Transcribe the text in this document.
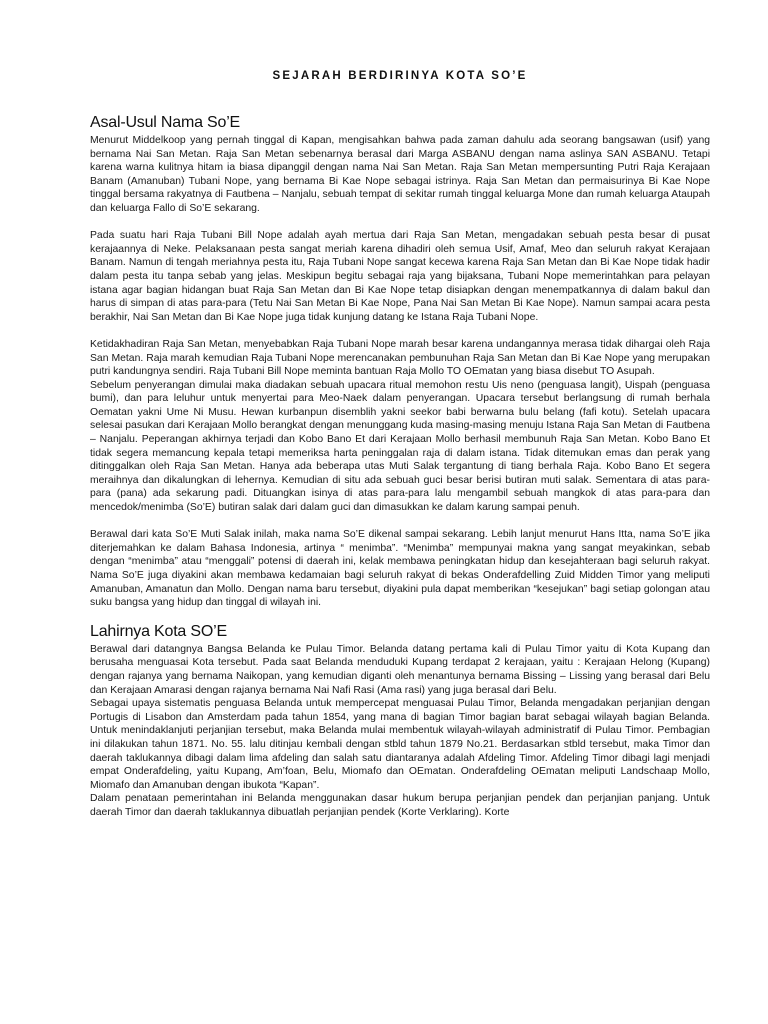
SEJARAH BERDIRINYA KOTA SO’E
Asal-Usul Nama So’E

Menurut Middelkoop yang pernah tinggal di Kapan, mengisahkan bahwa pada zaman dahulu ada seorang bangsawan (usif) yang bernama Nai San Metan. Raja San Metan sebenarnya berasal dari Marga ASBANU dengan nama aslinya SAN ASBANU. Tetapi karena warna kulitnya hitam ia biasa dipanggil dengan nama Nai San Metan. Raja San Metan mempersunting Putri Raja Kerajaan Banam (Amanuban) Tubani Nope, yang bernama Bi Kae Nope sebagai istrinya. Raja San Metan dan permaisurinya Bi Kae Nope tinggal bersama rakyatnya di Fautbena – Nanjalu, sebuah tempat di sekitar rumah tinggal keluarga Mone dan rumah keluarga Ataupah dan keluarga Fallo di So’E sekarang.

Pada suatu hari Raja Tubani Bill Nope adalah ayah mertua dari Raja San Metan, mengadakan sebuah pesta besar di pusat kerajaannya di Neke. Pelaksanaan pesta sangat meriah karena dihadiri oleh semua Usif, Amaf, Meo dan seluruh rakyat Kerajaan Banam. Namun di tengah meriahnya pesta itu, Raja Tubani Nope sangat kecewa karena Raja San Metan dan Bi Kae Nope tidak hadir dalam pesta itu tanpa sebab yang jelas. Meskipun begitu sebagai raja yang bijaksana, Tubani Nope memerintahkan para pelayan istana agar bagian hidangan buat Raja San Metan dan Bi Kae Nope tetap disiapkan dengan menempatkannya di dalam bakul dan harus di simpan di atas para-para (Tetu Nai San Metan Bi Kae Nope, Pana Nai San Metan Bi Kae Nope). Namun sampai acara pesta berakhir, Nai San Metan dan Bi Kae Nope juga tidak kunjung datang ke Istana Raja Tubani Nope.

Ketidakhadiran Raja San Metan, menyebabkan Raja Tubani Nope marah besar karena undangannya merasa tidak dihargai oleh Raja San Metan. Raja marah kemudian Raja Tubani Nope merencanakan pembunuhan Raja San Metan dan Bi Kae Nope yang merupakan putri kandungnya sendiri. Raja Tubani Bill Nope meminta bantuan Raja Mollo TO OEmatan yang biasa disebut TO Asupah.

Sebelum penyerangan dimulai maka diadakan sebuah upacara ritual memohon restu Uis neno (penguasa langit), Uispah (penguasa bumi), dan para leluhur untuk menyertai para Meo-Naek dalam penyerangan. Upacara tersebut berlangsung di rumah berhala Oematan yakni Ume Ni Musu. Hewan kurbanpun disemblih yakni seekor babi berwarna bulu belang (fafi kotu). Setelah upacara selesai pasukan dari Kerajaan Mollo berangkat dengan menunggang kuda masing-masing menuju Istana Raja San Metan di Fautbena – Nanjalu. Peperangan akhirnya terjadi dan Kobo Bano Et dari Kerajaan Mollo berhasil membunuh Raja San Metan. Kobo Bano Et tidak segera memancung kepala tetapi memeriksa harta peninggalan raja di dalam istana. Tidak ditemukan emas dan perak yang ditinggalkan oleh Raja San Metan. Hanya ada beberapa utas Muti Salak tergantung di tiang berhala Raja. Kobo Bano Et segera meraihnya dan dikalungkan di lehernya. Kemudian di situ ada sebuah guci besar berisi butiran muti salak. Sementara di atas para-para (pana) ada sekarung padi. Dituangkan isinya di atas para-para lalu mengambil sebuah mangkok di atas para-para dan mencedok/menimba (So’E) butiran salak dari dalam guci dan dimasukkan ke dalam karung sampai penuh.

Berawal dari kata So’E Muti Salak inilah, maka nama So’E dikenal sampai sekarang. Lebih lanjut menurut Hans Itta, nama So’E jika diterjemahkan ke dalam Bahasa Indonesia, artinya “ menimba”. “Menimba” mempunyai makna yang sangat meyakinkan, sebab dengan “menimba” atau “menggali” potensi di daerah ini, kelak membawa peningkatan hidup dan kesejahteraan bagi seluruh rakyat. Nama So’E juga diyakini akan membawa kedamaian bagi seluruh rakyat di bekas Onderafdelling Zuid Midden Timor yang meliputi Amanuban, Amanatun dan Mollo. Dengan nama baru tersebut, diyakini pula dapat memberikan “kesejukan” bagi setiap golongan atau suku bangsa yang hidup dan tinggal di wilayah ini.

Lahirnya Kota SO’E

Berawal dari datangnya Bangsa Belanda ke Pulau Timor. Belanda datang pertama kali di Pulau Timor yaitu di Kota Kupang dan berusaha menguasai Kota tersebut. Pada saat Belanda menduduki Kupang terdapat 2 kerajaan, yaitu : Kerajaan Helong (Kupang) dengan rajanya yang bernama Naikopan, yang kemudian diganti oleh menantunya bernama Bissing – Lissing yang berasal dari Belu dan Kerajaan Amarasi dengan rajanya bernama Nai Nafi Rasi (Ama rasi) yang juga berasal dari Belu.

Sebagai upaya sistematis penguasa Belanda untuk mempercepat menguasai Pulau Timor, Belanda mengadakan perjanjian dengan Portugis di Lisabon dan Amsterdam pada tahun 1854, yang mana di bagian Timor bagian barat sebagai wilayah bagian Belanda. Untuk menindaklanjuti perjanjian tersebut, maka Belanda mulai membentuk wilayah-wilayah administratif di Pulau Timor. Pembagian ini dilakukan tahun 1871. No. 55. lalu ditinjau kembali dengan stbld tahun 1879 No.21. Berdasarkan stbld tersebut, maka Timor dan daerah taklukannya dibagi dalam lima afdeling dan salah satu diantaranya adalah Afdeling Timor. Afdeling Timor dibagi lagi menjadi empat Onderafdeling, yaitu Kupang, Am’foan, Belu, Miomafo dan OEmatan. Onderafdeling OEmatan meliputi Landschaap Mollo, Miomafo dan Amanuban dengan ibukota “Kapan”.

Dalam penataan pemerintahan ini Belanda menggunakan dasar hukum berupa perjanjian pendek dan perjanjian panjang. Untuk daerah Timor dan daerah taklukannya dibuatlah perjanjian pendek (Korte Verklaring). Korte
